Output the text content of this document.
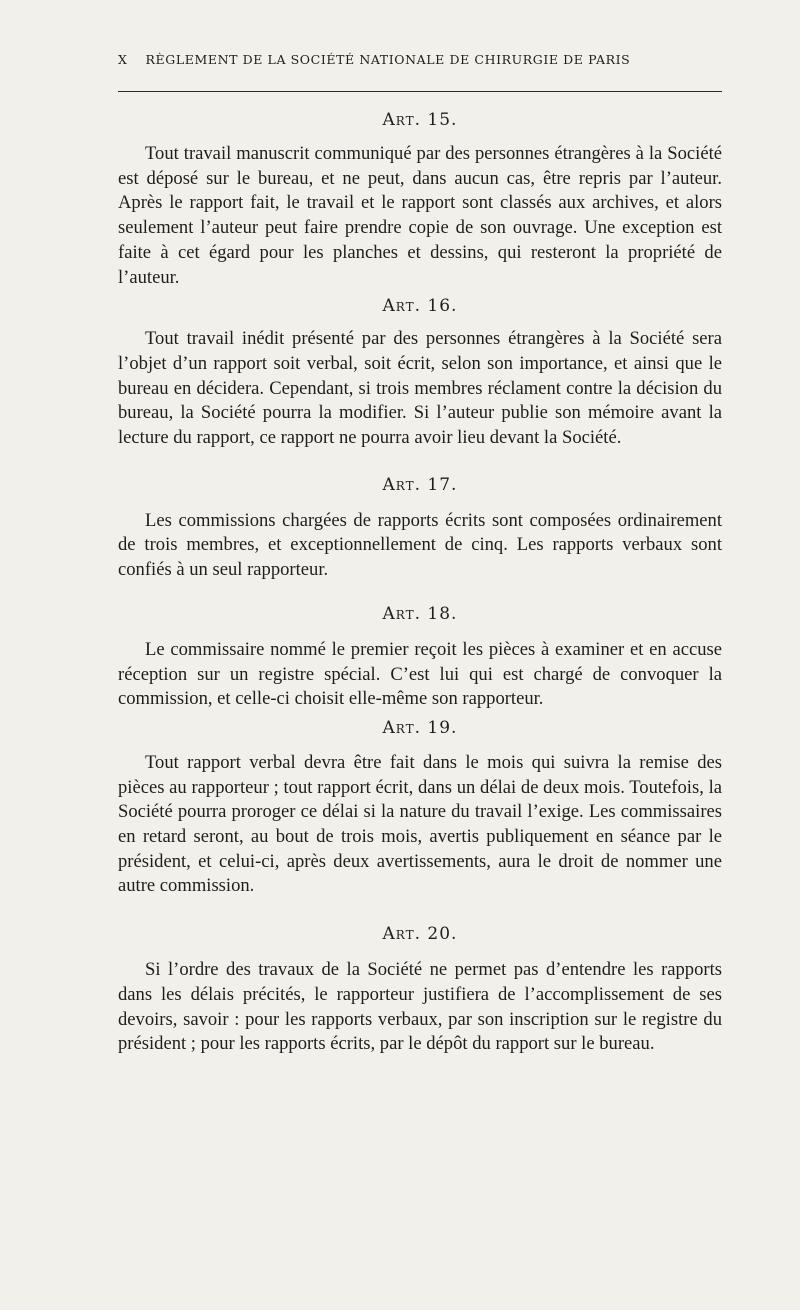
X RÈGLEMENT DE LA SOCIÉTÉ NATIONALE DE CHIRURGIE DE PARIS

Art. 15.

Tout travail manuscrit communiqué par des personnes étrangères à la Société est déposé sur le bureau, et ne peut, dans aucun cas, être repris par l’auteur. Après le rapport fait, le travail et le rapport sont classés aux archives, et alors seulement l’auteur peut faire prendre copie de son ouvrage. Une exception est faite à cet égard pour les planches et dessins, qui resteront la propriété de l’auteur.

Art. 16.

Tout travail inédit présenté par des personnes étrangères à la Société sera l’objet d’un rapport soit verbal, soit écrit, selon son importance, et ainsi que le bureau en décidera. Cependant, si trois membres réclament contre la décision du bureau, la Société pourra la modifier. Si l’auteur publie son mémoire avant la lecture du rapport, ce rapport ne pourra avoir lieu devant la Société.

Art. 17.

Les commissions chargées de rapports écrits sont composées ordinairement de trois membres, et exceptionnellement de cinq. Les rapports verbaux sont confiés à un seul rapporteur.

Art. 18.

Le commissaire nommé le premier reçoit les pièces à examiner et en accuse réception sur un registre spécial. C’est lui qui est chargé de convoquer la commission, et celle-ci choisit elle-même son rapporteur.

Art. 19.

Tout rapport verbal devra être fait dans le mois qui suivra la remise des pièces au rapporteur ; tout rapport écrit, dans un délai de deux mois. Toutefois, la Société pourra proroger ce délai si la nature du travail l’exige. Les commissaires en retard seront, au bout de trois mois, avertis publiquement en séance par le président, et celui-ci, après deux avertissements, aura le droit de nommer une autre commission.

Art. 20.

Si l’ordre des travaux de la Société ne permet pas d’entendre les rapports dans les délais précités, le rapporteur justifiera de l’accomplissement de ses devoirs, savoir : pour les rapports verbaux, par son inscription sur le registre du président ; pour les rapports écrits, par le dépôt du rapport sur le bureau.
